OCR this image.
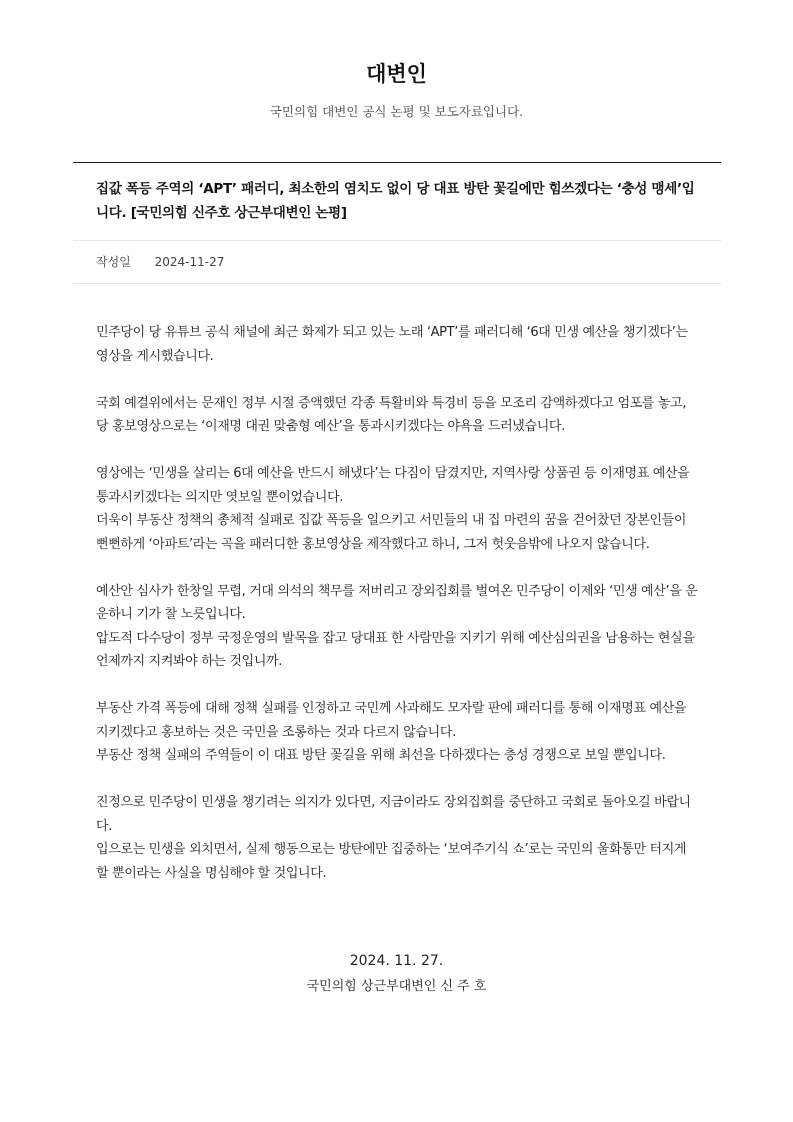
대변인
국민의힘 대변인 공식 논평 및 보도자료입니다.
집값 폭등 주역의 ‘APT’ 패러디, 최소한의 염치도 없이 당 대표 방탄 꽃길에만 힘쓰겠다는 ‘충성 맹세’입니다. [국민의힘 신주호 상근부대변인 논평]
작성일 2024-11-27

민주당이 당 유튜브 공식 채널에 최근 화제가 되고 있는 노래 ‘APT’를 패러디해 ‘6대 민생 예산을 챙기겠다’는 영상을 게시했습니다.

국회 예결위에서는 문재인 정부 시절 증액했던 각종 특활비와 특경비 등을 모조리 감액하겠다고 엄포를 놓고, 당 홍보영상으로는 ‘이재명 대권 맞춤형 예산’을 통과시키겠다는 야욕을 드러냈습니다.

영상에는 ‘민생을 살리는 6대 예산을 반드시 해냈다’는 다짐이 담겼지만, 지역사랑 상품권 등 이재명표 예산을 통과시키겠다는 의지만 엿보일 뿐이었습니다.
더욱이 부동산 정책의 총체적 실패로 집값 폭등을 일으키고 서민들의 내 집 마련의 꿈을 걷어찼던 장본인들이 뻔뻔하게 ‘아파트’라는 곡을 패러디한 홍보영상을 제작했다고 하니, 그저 헛웃음밖에 나오지 않습니다.

예산안 심사가 한창일 무렵, 거대 의석의 책무를 저버리고 장외집회를 벌여온 민주당이 이제와 ‘민생 예산’을 운운하니 기가 찰 노릇입니다.
압도적 다수당이 정부 국정운영의 발목을 잡고 당대표 한 사람만을 지키기 위해 예산심의권을 남용하는 현실을 언제까지 지켜봐야 하는 것입니까.

부동산 가격 폭등에 대해 정책 실패를 인정하고 국민께 사과해도 모자랄 판에 패러디를 통해 이재명표 예산을 지키겠다고 홍보하는 것은 국민을 조롱하는 것과 다르지 않습니다.
부동산 정책 실패의 주역들이 이 대표 방탄 꽃길을 위해 최선을 다하겠다는 충성 경쟁으로 보일 뿐입니다.

진정으로 민주당이 민생을 챙기려는 의지가 있다면, 지금이라도 장외집회를 중단하고 국회로 돌아오길 바랍니다.
입으로는 민생을 외치면서, 실제 행동으로는 방탄에만 집중하는 ‘보여주기식 쇼’로는 국민의 울화통만 터지게 할 뿐이라는 사실을 명심해야 할 것입니다.

2024. 11. 27.
국민의힘 상근부대변인 신 주 호
